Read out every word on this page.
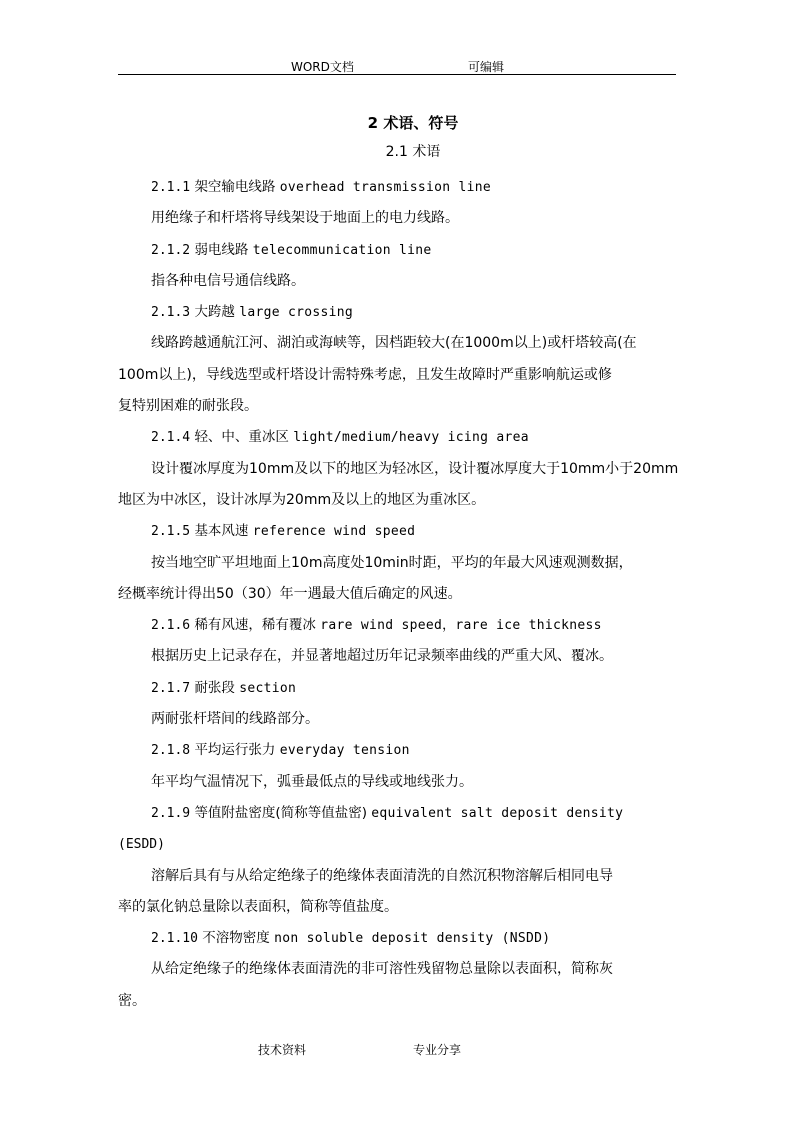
WORD文档	可编辑
2 术语、符号
2.1 术语
2.1.1 架空输电线路 overhead transmission line
用绝缘子和杆塔将导线架设于地面上的电力线路。
2.1.2 弱电线路 telecommunication line
指各种电信号通信线路。
2.1.3 大跨越 large crossing
线路跨越通航江河、湖泊或海峡等，因档距较大(在1000m以上)或杆塔较高(在
100m以上)，导线选型或杆塔设计需特殊考虑，且发生故障时严重影响航运或修
复特别困难的耐张段。
2.1.4 轻、中、重冰区 light/medium/heavy icing area
设计覆冰厚度为10mm及以下的地区为轻冰区，设计覆冰厚度大于10mm小于20mm
地区为中冰区，设计冰厚为20mm及以上的地区为重冰区。
2.1.5 基本风速 reference wind speed
按当地空旷平坦地面上10m高度处10min时距，平均的年最大风速观测数据，
经概率统计得出50（30）年一遇最大值后确定的风速。
2.1.6 稀有风速，稀有覆冰 rare wind speed，rare ice thickness
根据历史上记录存在，并显著地超过历年记录频率曲线的严重大风、覆冰。
2.1.7 耐张段 section
两耐张杆塔间的线路部分。
2.1.8 平均运行张力 everyday tension
年平均气温情况下，弧垂最低点的导线或地线张力。
2.1.9 等值附盐密度(简称等值盐密) equivalent salt deposit density
(ESDD)
溶解后具有与从给定绝缘子的绝缘体表面清洗的自然沉积物溶解后相同电导
率的氯化钠总量除以表面积，简称等值盐度。
2.1.10 不溶物密度 non soluble deposit density (NSDD)
从给定绝缘子的绝缘体表面清洗的非可溶性残留物总量除以表面积，简称灰
密。
技术资料	专业分享
